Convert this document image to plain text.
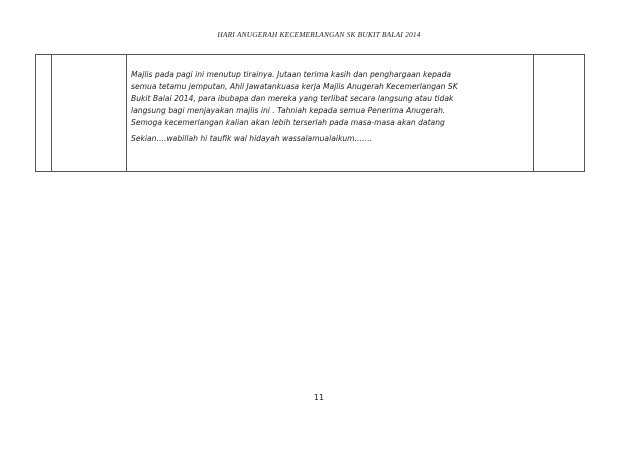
HARI ANUGERAH KECEMERLANGAN SK BUKIT BALAI 2014

Majlis pada pagi ini menutup tirainya. Jutaan terima kasih dan penghargaan kepada

semua tetamu jemputan, Ahli Jawatankuasa kerja Majlis Anugerah Kecemerlangan SK

Bukit Balai 2014, para ibubapa dan mereka yang terlibat secara langsung atau tidak

langsung bagi menjayakan majlis ini . Tahniah kepada semua Penerima Anugerah.

Semoga kecemerlangan kalian akan lebih terserlah pada masa-masa akan datang

Sekian….wabillah hi taufik wal hidayah wassalamualaikum…….

11
